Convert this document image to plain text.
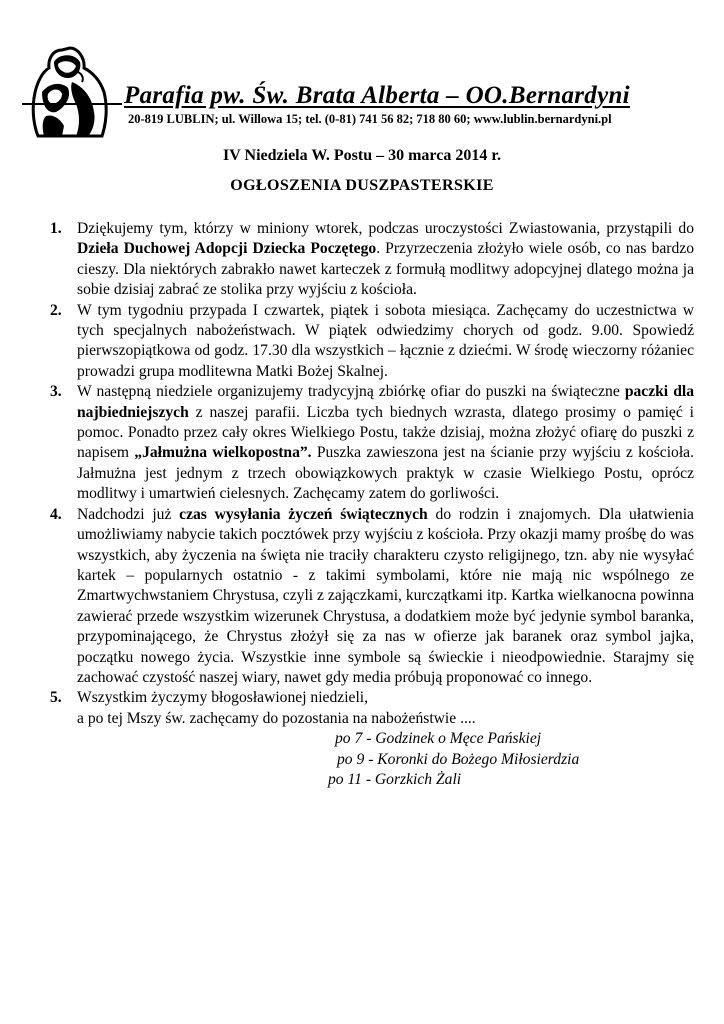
Parafia pw. Św. Brata Alberta – OO.Bernardyni
20-819 LUBLIN; ul. Willowa 15; tel. (0-81) 741 56 82; 718 80 60; www.lublin.bernardyni.pl
IV Niedziela W. Postu – 30 marca 2014 r.
OGŁOSZENIA DUSZPASTERSKIE
1. Dziękujemy tym, którzy w miniony wtorek, podczas uroczystości Zwiastowania, przystąpili do Dzieła Duchowej Adopcji Dziecka Poczętego. Przyrzeczenia złożyło wiele osób, co nas bardzo cieszy. Dla niektórych zabrakło nawet karteczek z formułą modlitwy adopcyjnej dlatego można ja sobie dzisiaj zabrać ze stolika przy wyjściu z kościoła.
2. W tym tygodniu przypada I czwartek, piątek i sobota miesiąca. Zachęcamy do uczestnictwa w tych specjalnych nabożeństwach. W piątek odwiedzimy chorych od godz. 9.00. Spowiedź pierwszopiątkowa od godz. 17.30 dla wszystkich – łącznie z dziećmi. W środę wieczorny różaniec prowadzi grupa modlitewna Matki Bożej Skalnej.
3. W następną niedziele organizujemy tradycyjną zbiórkę ofiar do puszki na świąteczne paczki dla najbiedniejszych z naszej parafii. Liczba tych biednych wzrasta, dlatego prosimy o pamięć i pomoc. Ponadto przez cały okres Wielkiego Postu, także dzisiaj, można złożyć ofiarę do puszki z napisem „Jałmużna wielkopostna”. Puszka zawieszona jest na ścianie przy wyjściu z kościoła. Jałmużna jest jednym z trzech obowiązkowych praktyk w czasie Wielkiego Postu, oprócz modlitwy i umartwień cielesnych. Zachęcamy zatem do gorliwości.
4. Nadchodzi już czas wysyłania życzeń świątecznych do rodzin i znajomych. Dla ułatwienia umożliwiamy nabycie takich pocztówek przy wyjściu z kościoła. Przy okazji mamy prośbę do was wszystkich, aby życzenia na święta nie traciły charakteru czysto religijnego, tzn. aby nie wysyłać kartek – popularnych ostatnio - z takimi symbolami, które nie mają nic wspólnego ze Zmartwychwstaniem Chrystusa, czyli z zajączkami, kurczątkami itp. Kartka wielkanocna powinna zawierać przede wszystkim wizerunek Chrystusa, a dodatkiem może być jedynie symbol baranka, przypominającego, że Chrystus złożył się za nas w ofierze jak baranek oraz symbol jajka, początku nowego życia. Wszystkie inne symbole są świeckie i nieodpowiednie. Starajmy się zachować czystość naszej wiary, nawet gdy media próbują proponować co innego.
5. Wszystkim życzymy błogosławionej niedzieli,
a po tej Mszy św. zachęcamy do pozostania na nabożeństwie ....
po 7 - Godzinek o Męce Pańskiej
po 9 - Koronki do Bożego Miłosierdzia
po 11 - Gorzkich Żali
